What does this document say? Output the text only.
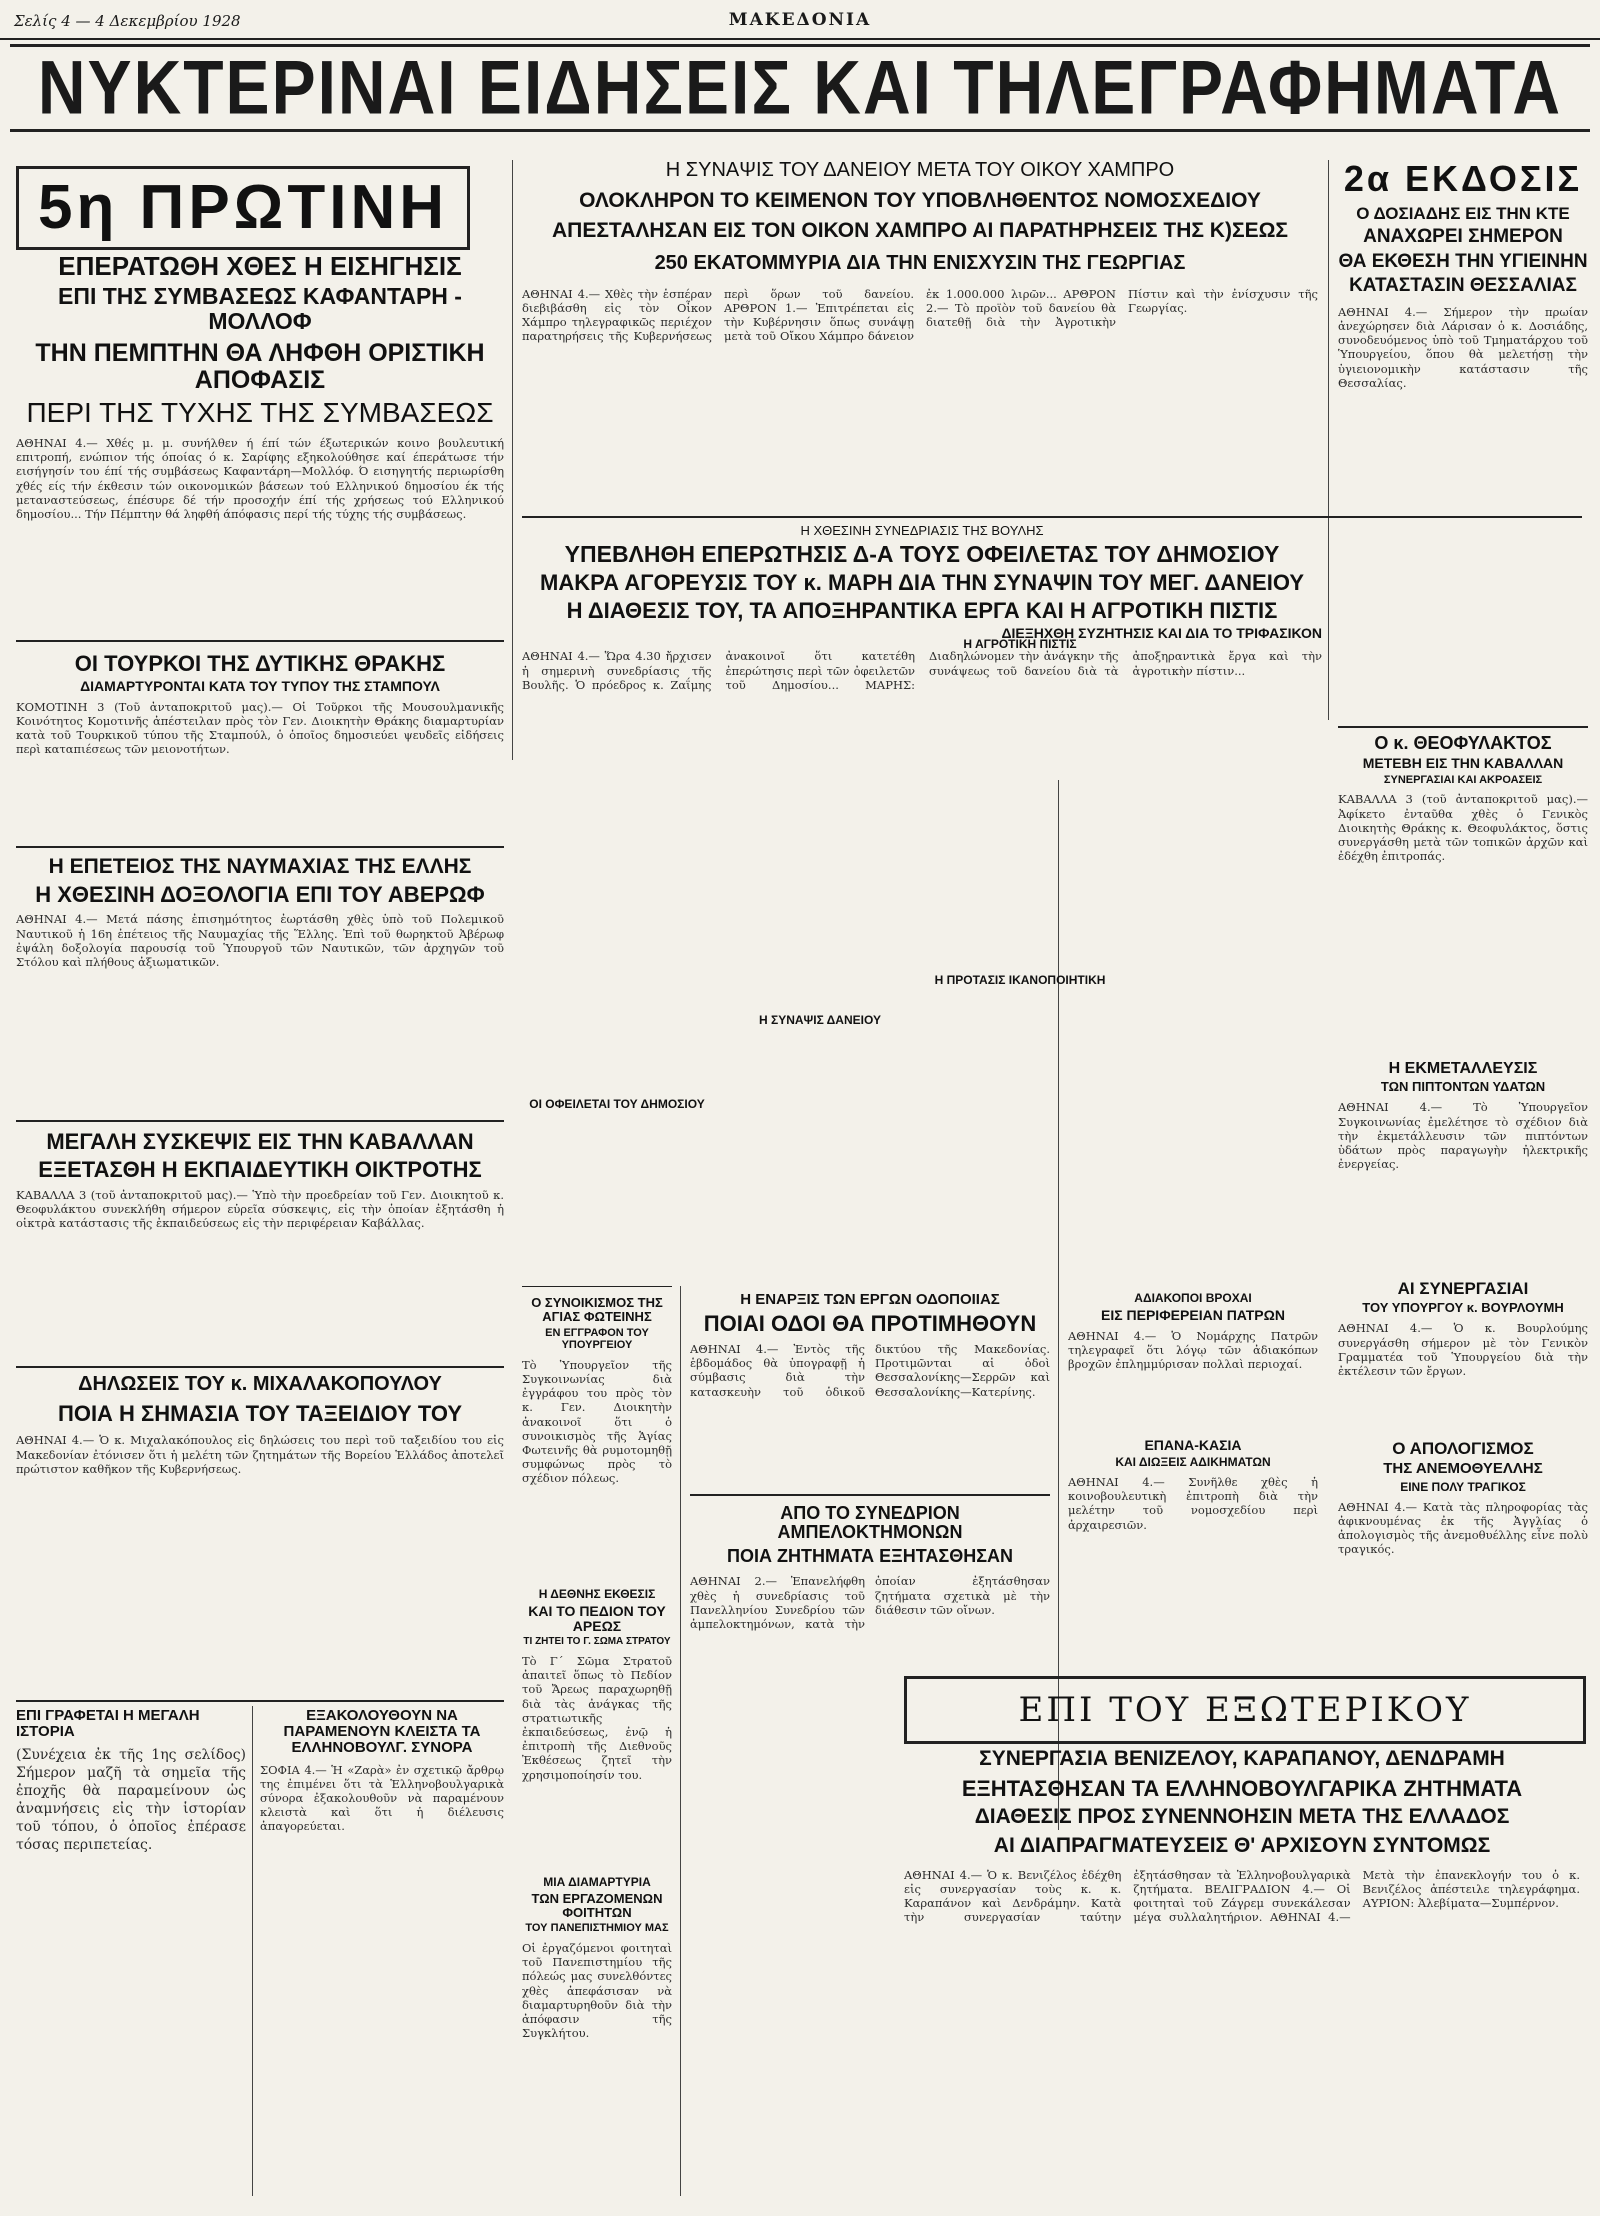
Σελίς 4 — 4 Δεκεμβρίου 1928	ΜΑΚΕΔΟΝΙΑ
ΝΥΚΤΕΡΙΝΑΙ ΕΙΔΗΣΕΙΣ ΚΑΙ ΤΗΛΕΓΡΑΦΗΜΑΤΑ
5η ΠΡΩΤΙΝΗ
ΕΠΕΡΑΤΩΘΗ ΧΘΕΣ Η ΕΙΣΗΓΗΣΙΣ
ΕΠΙ ΤΗΣ ΣΥΜΒΑΣΕΩΣ ΚΑΦΑΝΤΑΡΗ - ΜΟΛΛΟΦ
ΤΗΝ ΠΕΜΠΤΗΝ ΘΑ ΛΗΦΘΗ ΟΡΙΣΤΙΚΗ ΑΠΟΦΑΣΙΣ
ΠΕΡΙ ΤΗΣ ΤΥΧΗΣ ΤΗΣ ΣΥΜΒΑΣΕΩΣ

ΑΘΗΝΑΙ 4.— Χθές μ. μ. συνήλθεν ή έπί τών έξωτερικών κοινο βουλευτική επιτροπή, ενώπιον τής όποίας ό κ. Σαρίφης εξηκολούθησε καί έπεράτωσε τήν εισήγησίν του έπί τής συμβάσεως Καφαντάρη—Μολλόφ. Ό εισηγητής περιωρίσθη χθές είς τήν έκθεσιν τών οικονομικών βάσεων τού Ελληνικού δημοσίου έκ τής μεταναστεύσεως, έπέσυρε δέ τήν προσοχήν έπί τής χρήσεως τού Ελληνικού δημοσίου... Τήν Πέμπτην θά ληφθή άπόφασις περί τής τύχης τής συμβάσεως.

ΟΙ ΤΟΥΡΚΟΙ ΤΗΣ ΔΥΤΙΚΗΣ ΘΡΑΚΗΣ
ΔΙΑΜΑΡΤΥΡΟΝΤΑΙ ΚΑΤΑ ΤΟΥ ΤΥΠΟΥ ΤΗΣ ΣΤΑΜΠΟΥΛ

ΚΟΜΟΤΙΝΗ 3 (Τοῦ ἀνταποκριτοῦ μας).— Οἱ Τοῦρκοι τῆς Μουσουλμανικῆς Κοινότητος Κομοτινῆς ἀπέστειλαν πρὸς τὸν Γεν. Διοικητὴν Θράκης διαμαρτυρίαν κατὰ τοῦ Τουρκικοῦ τύπου τῆς Σταμπούλ, ὁ ὁποῖος δημοσιεύει ψευδεῖς εἰδήσεις περὶ καταπιέσεως τῶν μειονοτήτων.

Η ΕΠΕΤΕΙΟΣ ΤΗΣ ΝΑΥΜΑΧΙΑΣ ΤΗΣ ΕΛΛΗΣ
Η ΧΘΕΣΙΝΗ ΔΟΞΟΛΟΓΙΑ ΕΠΙ ΤΟΥ ΑΒΕΡΩΦ

ΑΘΗΝΑΙ 4.— Μετά πάσης ἐπισημότητος ἐωρτάσθη χθὲς ὑπὸ τοῦ Πολεμικοῦ Ναυτικοῦ ἡ 16η ἐπέτειος τῆς Ναυμαχίας τῆς Ἕλλης. Ἐπὶ τοῦ θωρηκτοῦ Ἀβέρωφ ἐψάλη δοξολογία παρουσίᾳ τοῦ Ὑπουργοῦ τῶν Ναυτικῶν, τῶν ἀρχηγῶν τοῦ Στόλου καὶ πλήθους ἀξιωματικῶν.

ΜΕΓΑΛΗ ΣΥΣΚΕΨΙΣ ΕΙΣ ΤΗΝ ΚΑΒΑΛΛΑΝ
ΕΞΕΤΑΣΘΗ Η ΕΚΠΑΙΔΕΥΤΙΚΗ ΟΙΚΤΡΟΤΗΣ

ΚΑΒΑΛΛΑ 3 (τοῦ ἀνταποκριτοῦ μας).— Ὑπὸ τὴν προεδρείαν τοῦ Γεν. Διοικητοῦ κ. Θεοφυλάκτου συνεκλήθη σήμερον εὐρεῖα σύσκεψις, εἰς τὴν ὁποίαν ἐξητάσθη ἡ οἰκτρὰ κατάστασις τῆς ἐκπαιδεύσεως εἰς τὴν περιφέρειαν Καβάλλας.

ΔΗΛΩΣΕΙΣ ΤΟΥ κ. ΜΙΧΑΛΑΚΟΠΟΥΛΟΥ
ΠΟΙΑ Η ΣΗΜΑΣΙΑ ΤΟΥ ΤΑΞΕΙΔΙΟΥ ΤΟΥ

ΑΘΗΝΑΙ 4.— Ὁ κ. Μιχαλακόπουλος εἰς δηλώσεις του περὶ τοῦ ταξειδίου του εἰς Μακεδονίαν ἐτόνισεν ὅτι ἡ μελέτη τῶν ζητημάτων τῆς Βορείου Ἑλλάδος ἀποτελεῖ πρώτιστον καθῆκον τῆς Κυβερνήσεως.

ΕΠΙ ΓΡΑΦΕΤΑΙ Η ΜΕΓΑΛΗ ΙΣΤΟΡΙΑ

(Συνέχεια ἐκ τῆς 1ης σελίδος) Σήμερον μαζῆ τὰ σημεῖα τῆς ἐποχῆς θὰ παραμείνουν ὡς ἀναμνήσεις εἰς τὴν ἱστορίαν τοῦ τόπου, ὁ ὁποῖος ἐπέρασε τόσας περιπετείας.

ΕΞΑΚΟΛΟΥΘΟΥΝ ΝΑ ΠΑΡΑΜΕΝΟΥΝ ΚΛΕΙΣΤΑ ΤΑ ΕΛΛΗΝΟΒΟΥΛΓ. ΣΥΝΟΡΑ

ΣΟΦΙΑ 4.— Ἡ «Ζαρὰ» ἐν σχετικῷ ἄρθρῳ της ἐπιμένει ὅτι τὰ Ἑλληνοβουλγαρικὰ σύνορα ἐξακολουθοῦν νὰ παραμένουν κλειστὰ καὶ ὅτι ἡ διέλευσις ἀπαγορεύεται.

Η ΣΥΝΑΨΙΣ ΤΟΥ ΔΑΝΕΙΟΥ ΜΕΤΑ ΤΟΥ ΟΙΚΟΥ ΧΑΜΠΡΟ
ΟΛΟΚΛΗΡΟΝ ΤΟ ΚΕΙΜΕΝΟΝ ΤΟΥ ΥΠΟΒΛΗΘΕΝΤΟΣ ΝΟΜΟΣΧΕΔΙΟΥ
ΑΠΕΣΤΑΛΗΣΑΝ ΕΙΣ ΤΟΝ ΟΙΚΟΝ ΧΑΜΠΡΟ ΑΙ ΠΑΡΑΤΗΡΗΣΕΙΣ ΤΗΣ Κ)ΣΕΩΣ
250 ΕΚΑΤΟΜΜΥΡΙΑ ΔΙΑ ΤΗΝ ΕΝΙΣΧΥΣΙΝ ΤΗΣ ΓΕΩΡΓΙΑΣ

ΑΘΗΝΑΙ 4.— Χθὲς τὴν ἑσπέραν διεβιβάσθη εἰς τὸν Οἶκον Χάμπρο τηλεγραφικῶς περιέχον παρατηρήσεις τῆς Κυβερνήσεως περὶ ὅρων τοῦ δανείου. ΑΡΘΡΟΝ 1.— Ἐπιτρέπεται εἰς τὴν Κυβέρνησιν ὅπως συνάψῃ μετὰ τοῦ Οἴκου Χάμπρο δάνειον ἐκ 1.000.000 λιρῶν... ΑΡΘΡΟΝ 2.— Τὸ προϊὸν τοῦ δανείου θὰ διατεθῇ διὰ τὴν Ἀγροτικὴν Πίστιν καὶ τὴν ἐνίσχυσιν τῆς Γεωργίας.

Η ΧΘΕΣΙΝΗ ΣΥΝΕΔΡΙΑΣΙΣ ΤΗΣ ΒΟΥΛΗΣ
ΥΠΕΒΛΗΘΗ ΕΠΕΡΩΤΗΣΙΣ Δ-Α ΤΟΥΣ ΟΦΕΙΛΕΤΑΣ ΤΟΥ ΔΗΜΟΣΙΟΥ
ΜΑΚΡΑ ΑΓΟΡΕΥΣΙΣ ΤΟΥ κ. ΜΑΡΗ ΔΙΑ ΤΗΝ ΣΥΝΑΨΙΝ ΤΟΥ ΜΕΓ. ΔΑΝΕΙΟΥ
Η ΔΙΑΘΕΣΙΣ ΤΟΥ, ΤΑ ΑΠΟΞΗΡΑΝΤΙΚΑ ΕΡΓΑ ΚΑΙ Η ΑΓΡΟΤΙΚΗ ΠΙΣΤΙΣ
ΔΙΕΞΗΧΘΗ ΣΥΖΗΤΗΣΙΣ ΚΑΙ ΔΙΑ ΤΟ ΤΡΙΦΑΣΙΚΟΝ

ΑΘΗΝΑΙ 4.— Ὥρα 4.30 ἤρχισεν ἡ σημερινὴ συνεδρίασις τῆς Βουλῆς. Ὁ πρόεδρος κ. Ζαΐμης ἀνακοινοῖ ὅτι κατετέθη ἐπερώτησις περὶ τῶν ὀφειλετῶν τοῦ Δημοσίου... ΜΑΡΗΣ: Διαδηλώνομεν τὴν ἀνάγκην τῆς συνάψεως τοῦ δανείου διὰ τὰ ἀποξηραντικὰ ἔργα καὶ τὴν ἀγροτικὴν πίστιν...

ΟΙ ΟΦΕΙΛΕΤΑΙ ΤΟΥ ΔΗΜΟΣΙΟΥ
Η ΣΥΝΑΨΙΣ ΔΑΝΕΙΟΥ
Η ΑΓΡΟΤΙΚΗ ΠΙΣΤΙΣ
Η ΠΡΟΤΑΣΙΣ ΙΚΑΝΟΠΟΙΗΤΙΚΗ
Ο ΣΥΝΟΙΚΙΣΜΟΣ ΤΗΣ ΑΓΙΑΣ ΦΩΤΕΙΝΗΣ
ΕΝ ΕΓΓΡΑΦΟΝ ΤΟΥ ΥΠΟΥΡΓΕΙΟΥ

Τὸ Ὑπουργεῖον τῆς Συγκοινωνίας διὰ ἐγγράφου του πρὸς τὸν κ. Γεν. Διοικητὴν ἀνακοινοῖ ὅτι ὁ συνοικισμὸς τῆς Ἁγίας Φωτεινῆς θὰ ρυμοτομηθῇ συμφώνως πρὸς τὸ σχέδιον πόλεως.

Η ΔΕΘΝΗΣ ΕΚΘΕΣΙΣ
ΚΑΙ ΤΟ ΠΕΔΙΟΝ ΤΟΥ ΑΡΕΩΣ
ΤΙ ΖΗΤΕΙ ΤΟ Γ. ΣΩΜΑ ΣΤΡΑΤΟΥ

Τὸ Γ΄ Σῶμα Στρατοῦ ἀπαιτεῖ ὅπως τὸ Πεδίον τοῦ Ἄρεως παραχωρηθῇ διὰ τὰς ἀνάγκας τῆς στρατιωτικῆς ἐκπαιδεύσεως, ἐνῷ ἡ ἐπιτροπὴ τῆς Διεθνοῦς Ἐκθέσεως ζητεῖ τὴν χρησιμοποίησίν του.

ΜΙΑ ΔΙΑΜΑΡΤΥΡΙΑ
ΤΩΝ ΕΡΓΑΖΟΜΕΝΩΝ ΦΟΙΤΗΤΩΝ
ΤΟΥ ΠΑΝΕΠΙΣΤΗΜΙΟΥ ΜΑΣ

Οἱ ἐργαζόμενοι φοιτηταὶ τοῦ Πανεπιστημίου τῆς πόλεώς μας συνελθόντες χθὲς ἀπεφάσισαν νὰ διαμαρτυρηθοῦν διὰ τὴν ἀπόφασιν τῆς Συγκλήτου.

Η ΕΝΑΡΞΙΣ ΤΩΝ ΕΡΓΩΝ ΟΔΟΠΟΙΙΑΣ
ΠΟΙΑΙ ΟΔΟΙ ΘΑ ΠΡΟΤΙΜΗΘΟΥΝ

ΑΘΗΝΑΙ 4.— Ἐντὸς τῆς ἑβδομάδος θὰ ὑπογραφῇ ἡ σύμβασις διὰ τὴν κατασκευὴν τοῦ ὁδικοῦ δικτύου τῆς Μακεδονίας. Προτιμῶνται αἱ ὁδοὶ Θεσσαλονίκης—Σερρῶν καὶ Θεσσαλονίκης—Κατερίνης.

ΑΠΟ ΤΟ ΣΥΝΕΔΡΙΟΝ ΑΜΠΕΛΟΚΤΗΜΟΝΩΝ
ΠΟΙΑ ΖΗΤΗΜΑΤΑ ΕΞΗΤΑΣΘΗΣΑΝ

ΑΘΗΝΑΙ 2.— Ἐπανελήφθη χθὲς ἡ συνεδρίασις τοῦ Πανελληνίου Συνεδρίου τῶν ἀμπελοκτημόνων, κατὰ τὴν ὁποίαν ἐξητάσθησαν ζητήματα σχετικὰ μὲ τὴν διάθεσιν τῶν οἴνων.

ΑΔΙΑΚΟΠΟΙ ΒΡΟΧΑΙ
ΕΙΣ ΠΕΡΙΦΕΡΕΙΑΝ ΠΑΤΡΩΝ

ΑΘΗΝΑΙ 4.— Ὁ Νομάρχης Πατρῶν τηλεγραφεῖ ὅτι λόγῳ τῶν ἀδιακόπων βροχῶν ἐπλημμύρισαν πολλαὶ περιοχαί.

ΕΠΑΝΑ-ΚΑΣΙΑ
ΚΑΙ ΔΙΩΞΕΙΣ ΑΔΙΚΗΜΑΤΩΝ

ΑΘΗΝΑΙ 4.— Συνῆλθε χθὲς ἡ κοινοβουλευτικὴ ἐπιτροπὴ διὰ τὴν μελέτην τοῦ νομοσχεδίου περὶ ἀρχαιρεσιῶν.

2α ΕΚΔΟΣΙΣ
Ο ΔΟΣΙΑΔΗΣ ΕΙΣ ΤΗΝ ΚΤΕ
ΑΝΑΧΩΡΕΙ ΣΗΜΕΡΟΝ
ΘΑ ΕΚΘΕΣΗ ΤΗΝ ΥΓΙΕΙΝΗΝ
ΚΑΤΑΣΤΑΣΙΝ ΘΕΣΣΑΛΙΑΣ

ΑΘΗΝΑΙ 4.— Σήμερον τὴν πρωίαν ἀνεχώρησεν διὰ Λάρισαν ὁ κ. Δοσιάδης, συνοδευόμενος ὑπὸ τοῦ Τμηματάρχου τοῦ Ὑπουργείου, ὅπου θὰ μελετήσῃ τὴν ὑγιειονομικὴν κατάστασιν τῆς Θεσσαλίας.

Ο κ. ΘΕΟΦΥΛΑΚΤΟΣ
ΜΕΤΕΒΗ ΕΙΣ ΤΗΝ ΚΑΒΑΛΛΑΝ
ΣΥΝΕΡΓΑΣΙΑΙ ΚΑΙ ΑΚΡΟΑΣΕΙΣ

ΚΑΒΑΛΛΑ 3 (τοῦ ἀνταποκριτοῦ μας).— Ἀφίκετο ἐνταῦθα χθὲς ὁ Γενικὸς Διοικητὴς Θράκης κ. Θεοφυλάκτος, ὅστις συνεργάσθη μετὰ τῶν τοπικῶν ἀρχῶν καὶ ἐδέχθη ἐπιτροπάς.

Η ΕΚΜΕΤΑΛΛΕΥΣΙΣ
ΤΩΝ ΠΙΠΤΟΝΤΩΝ ΥΔΑΤΩΝ

ΑΘΗΝΑΙ 4.— Τὸ Ὑπουργεῖον Συγκοινωνίας ἐμελέτησε τὸ σχέδιον διὰ τὴν ἐκμετάλλευσιν τῶν πιπτόντων ὑδάτων πρὸς παραγωγὴν ἠλεκτρικῆς ἐνεργείας.

ΑΙ ΣΥΝΕΡΓΑΣΙΑΙ
ΤΟΥ ΥΠΟΥΡΓΟΥ κ. ΒΟΥΡΛΟΥΜΗ

ΑΘΗΝΑΙ 4.— Ὁ κ. Βουρλούμης συνεργάσθη σήμερον μὲ τὸν Γενικὸν Γραμματέα τοῦ Ὑπουργείου διὰ τὴν ἐκτέλεσιν τῶν ἔργων.

Ο ΑΠΟΛΟΓΙΣΜΟΣ
ΤΗΣ ΑΝΕΜΟΘΥΕΛΛΗΣ
ΕΙΝΕ ΠΟΛΥ ΤΡΑΓΙΚΟΣ

ΑΘΗΝΑΙ 4.— Κατὰ τὰς πληροφορίας τὰς ἀφικνουμένας ἐκ τῆς Ἀγγλίας ὁ ἀπολογισμὸς τῆς ἀνεμοθυέλλης εἶνε πολὺ τραγικός.

ΕΠΙ ΤΟΥ ΕΞΩΤΕΡΙΚΟΥ
ΣΥΝΕΡΓΑΣΙΑ ΒΕΝΙΖΕΛΟΥ, ΚΑΡΑΠΑΝΟΥ, ΔΕΝΔΡΑΜΗ
ΕΞΗΤΑΣΘΗΣΑΝ ΤΑ ΕΛΛΗΝΟΒΟΥΛΓΑΡΙΚΑ ΖΗΤΗΜΑΤΑ
ΔΙΑΘΕΣΙΣ ΠΡΟΣ ΣΥΝΕΝΝΟΗΣΙΝ ΜΕΤΑ ΤΗΣ ΕΛΛΑΔΟΣ
ΑΙ ΔΙΑΠΡΑΓΜΑΤΕΥΣΕΙΣ Θ' ΑΡΧΙΣΟΥΝ ΣΥΝΤΟΜΩΣ

ΑΘΗΝΑΙ 4.— Ὁ κ. Βενιζέλος ἐδέχθη εἰς συνεργασίαν τοὺς κ. κ. Καραπάνον καὶ Δενδράμην. Κατὰ τὴν συνεργασίαν ταύτην ἐξητάσθησαν τὰ Ἑλληνοβουλγαρικὰ ζητήματα. ΒΕΛΙΓΡΑΔΙΟΝ 4.— Οἱ φοιτηταὶ τοῦ Ζάγρεμ συνεκάλεσαν μέγα συλλαλητήριον. ΑΘΗΝΑΙ 4.— Μετὰ τὴν ἐπανεκλογήν του ὁ κ. Βενιζέλος ἀπέστειλε τηλεγράφημα. ΑΥΡΙΟΝ: Ἀλεβίματα—Συμπέρνον.
